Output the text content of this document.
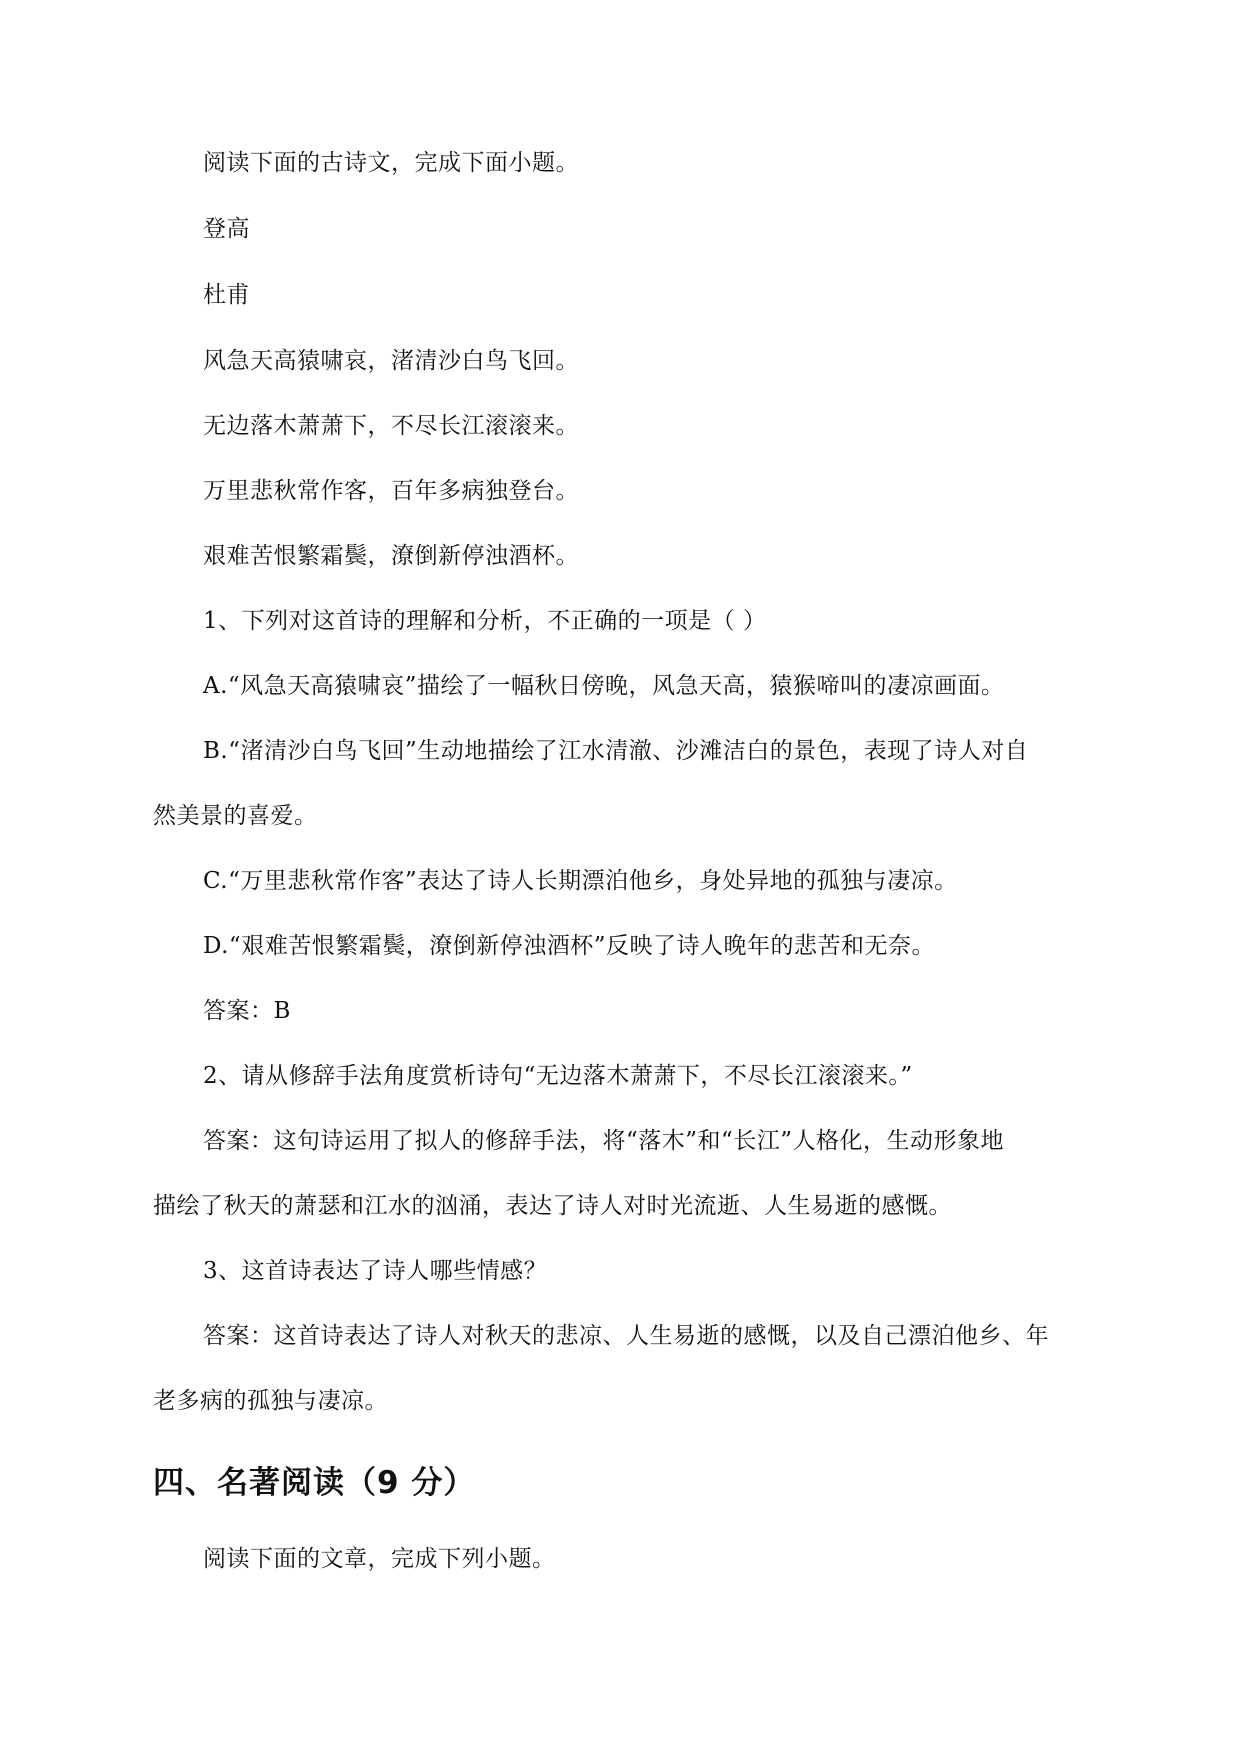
阅读下面的古诗文，完成下面小题。
登高
杜甫
风急天高猿啸哀，渚清沙白鸟飞回。
无边落木萧萧下，不尽长江滚滚来。
万里悲秋常作客，百年多病独登台。
艰难苦恨繁霜鬓，潦倒新停浊酒杯。
1、下列对这首诗的理解和分析，不正确的一项是（ ）
A.“风急天高猿啸哀”描绘了一幅秋日傍晚，风急天高，猿猴啼叫的凄凉画面。
B.“渚清沙白鸟飞回”生动地描绘了江水清澈、沙滩洁白的景色，表现了诗人对自
然美景的喜爱。
C.“万里悲秋常作客”表达了诗人长期漂泊他乡，身处异地的孤独与凄凉。
D.“艰难苦恨繁霜鬓，潦倒新停浊酒杯”反映了诗人晚年的悲苦和无奈。
答案：B
2、请从修辞手法角度赏析诗句“无边落木萧萧下，不尽长江滚滚来。”
答案：这句诗运用了拟人的修辞手法，将“落木”和“长江”人格化，生动形象地
描绘了秋天的萧瑟和江水的汹涌，表达了诗人对时光流逝、人生易逝的感慨。
3、这首诗表达了诗人哪些情感？
答案：这首诗表达了诗人对秋天的悲凉、人生易逝的感慨，以及自己漂泊他乡、年
老多病的孤独与凄凉。
四、名著阅读（9 分）
阅读下面的文章，完成下列小题。
